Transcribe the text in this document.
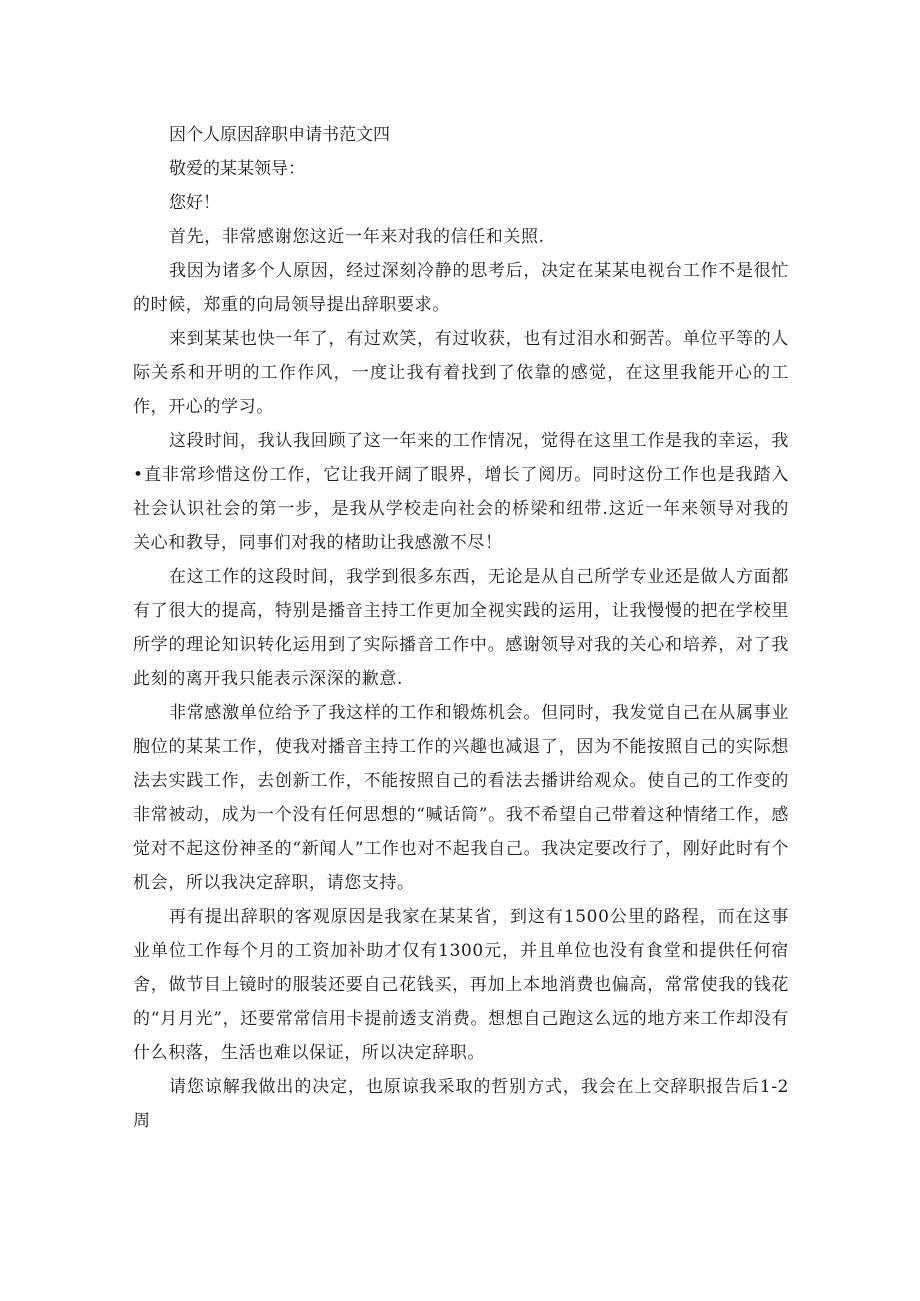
因个人原因辞职申请书范文四

敬爱的某某领导：

您好！

首先，非常感谢您这近一年来对我的信任和关照.

我因为诸多个人原因，经过深刻冷静的思考后，决定在某某电视台工作不是很忙的时候，郑重的向局领导提出辞职要求。

来到某某也快一年了，有过欢笑，有过收获，也有过泪水和弼苦。单位平等的人际关系和开明的工作作风，一度让我有着找到了依靠的感觉，在这里我能开心的工作，开心的学习。

这段时间，我认我回顾了这一年来的工作情况，觉得在这里工作是我的幸运，我•直非常珍惜这份工作，它让我开阔了眼界，增长了阅历。同时这份工作也是我踏入社会认识社会的第一步，是我从学校走向社会的桥梁和纽带.这近一年来领导对我的关心和教导，同事们对我的楮助让我感激不尽！

在这工作的这段时间，我学到很多东西，无论是从自己所学专业还是做人方面都有了很大的提高，特别是播音主持工作更加全视实践的运用，让我慢慢的把在学校里所学的理论知识转化运用到了实际播音工作中。感谢领导对我的关心和培养，对了我此刻的离开我只能表示深深的歉意.

非常感激单位给予了我这样的工作和锻炼机会。但同时，我发觉自己在从属事业胞位的某某工作，使我对播音主持工作的兴趣也减退了，因为不能按照自己的实际想法去实践工作，去创新工作，不能按照自己的看法去播讲给观众。使自己的工作变的非常被动，成为一个没有任何思想的“喊话筒”。我不希望自己带着这种情绪工作，感觉对不起这份神圣的“新闻人”工作也对不起我自己。我决定要改行了，刚好此时有个机会，所以我决定辞职，请您支持。

再有提出辞职的客观原因是我家在某某省，到这有1500公里的路程，而在这事业单位工作每个月的工资加补助才仅有1300元，并且单位也没有食堂和提供任何宿舍，做节目上镜时的服装还要自己花钱买，再加上本地消费也偏高，常常使我的钱花的“月月光”，还要常常信用卡提前透支消费。想想自己跑这么远的地方来工作却没有什么积落，生活也难以保证，所以决定辞职。

请您谅解我做出的决定，也原谅我采取的哲别方式，我会在上交辞职报告后1-2周
